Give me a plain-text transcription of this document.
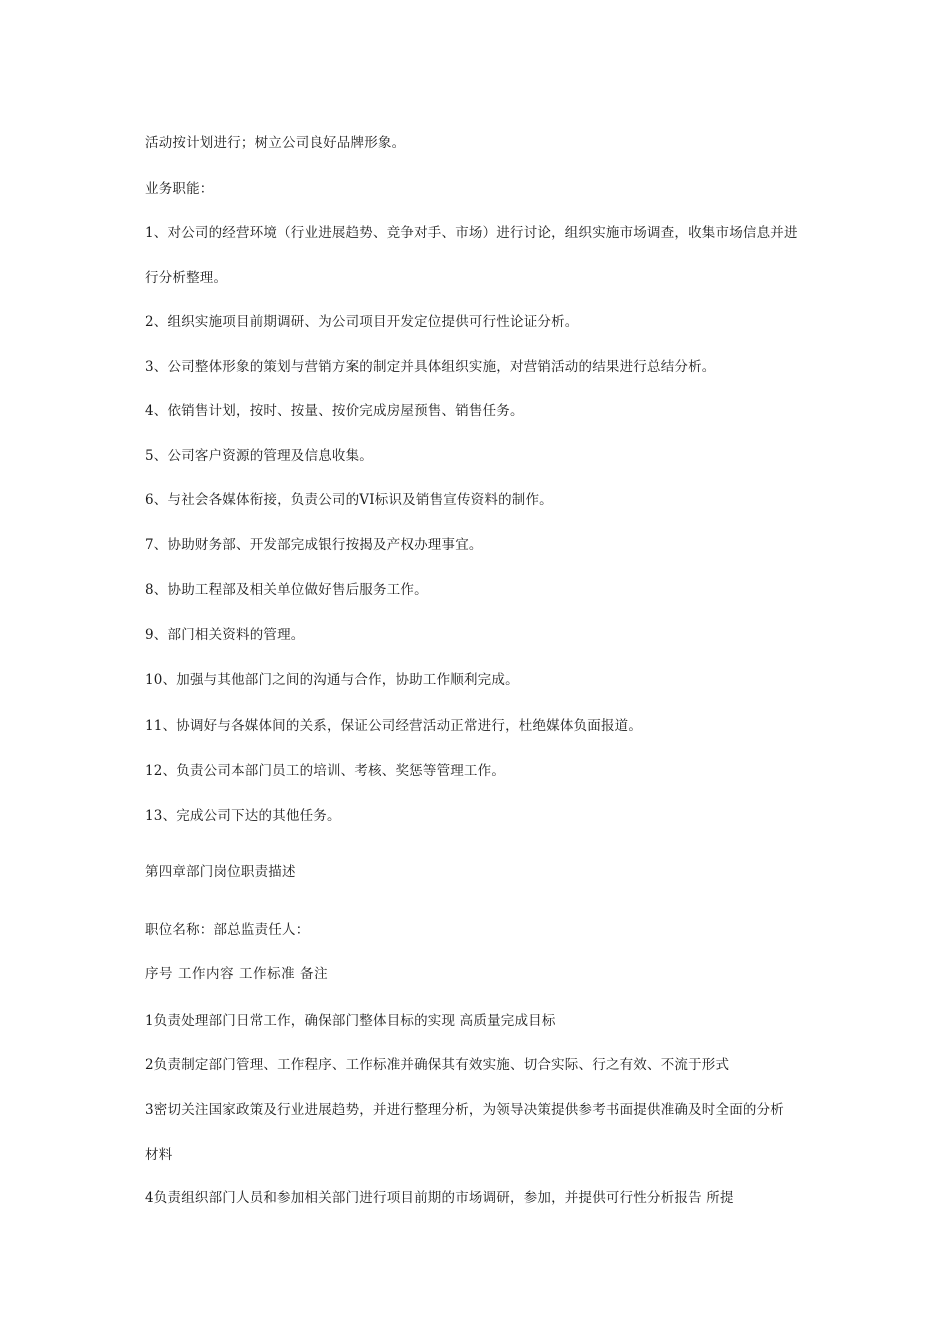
活动按计划进行；树立公司良好品牌形象。
业务职能：
1、对公司的经营环境（行业进展趋势、竞争对手、市场）进行讨论，组织实施市场调查，收集市场信息并进
行分析整理。
2、组织实施项目前期调研、为公司项目开发定位提供可行性论证分析。
3、公司整体形象的策划与营销方案的制定并具体组织实施，对营销活动的结果进行总结分析。
4、依销售计划，按时、按量、按价完成房屋预售、销售任务。
5、公司客户资源的管理及信息收集。
6、与社会各媒体衔接，负责公司的VI标识及销售宣传资料的制作。
7、协助财务部、开发部完成银行按揭及产权办理事宜。
8、协助工程部及相关单位做好售后服务工作。
9、部门相关资料的管理。
10、加强与其他部门之间的沟通与合作，协助工作顺利完成。
11、协调好与各媒体间的关系，保证公司经营活动正常进行，杜绝媒体负面报道。
12、负责公司本部门员工的培训、考核、奖惩等管理工作。
13、完成公司下达的其他任务。
第四章部门岗位职责描述
职位名称：部总监责任人：
序号 工作内容 工作标准 备注
1负责处理部门日常工作，确保部门整体目标的实现 高质量完成目标
2负责制定部门管理、工作程序、工作标准并确保其有效实施、切合实际、行之有效、不流于形式
3密切关注国家政策及行业进展趋势，并进行整理分析，为领导决策提供参考书面提供准确及时全面的分析
材料
4负责组织部门人员和参加相关部门进行项目前期的市场调研，参加，并提供可行性分析报告 所提
